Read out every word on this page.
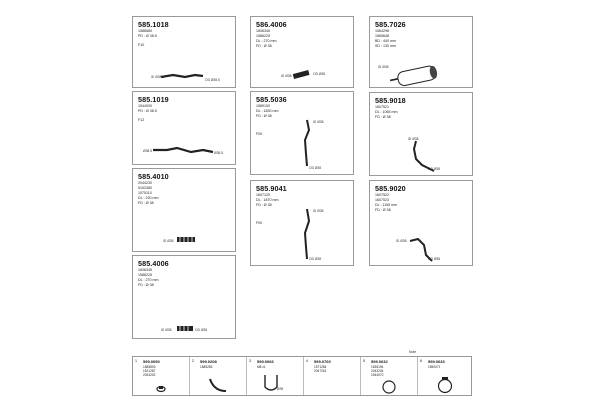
585.1018
1586680
PD : Ø 38.5
F10
ID Ø38.5
OD Ø38.5
585.1019
1544000
PD : Ø 38.5
F12
Ø38.5	Ø38.5
585.4010
2044230
5152380
1075110
DL : 230 mm
FD : Ø 38
ID Ø38
585.4006
1606345
1586225
DL : 270 mm
FD : Ø 38
ID Ø38	OD Ø38
586.4006
1606345
1586225
DL : 270 mm
FD : Ø 38
ID Ø38	OD Ø38
585.5036
1589100
DL : 1830 mm
FD : Ø 38
F00
ID Ø38
OD Ø38
585.9041
1607120
DL : 1870 mm
FD : Ø 38
F00
ID Ø38
OD Ø38
585.7026
1564298
1565648
BD : 440 mm
SD : 130 mm
ID Ø38
585.9018
1607521
DL : 1065 mm
FD : Ø 38
ID Ø38
OD Ø38
585.9020
1607522
1607523
DL : 1155 mm
FD : Ø 38
ID Ø38
OD Ø38
Note
1 599.0050
1585803
1521287
2043202
2 599.0208
1585283
3 599.0066
M8 x1
Ø39
4 599.0760
1571284
2047261
5 599.0632
1635194
2043204
1544070
6 599.0633
1550071
